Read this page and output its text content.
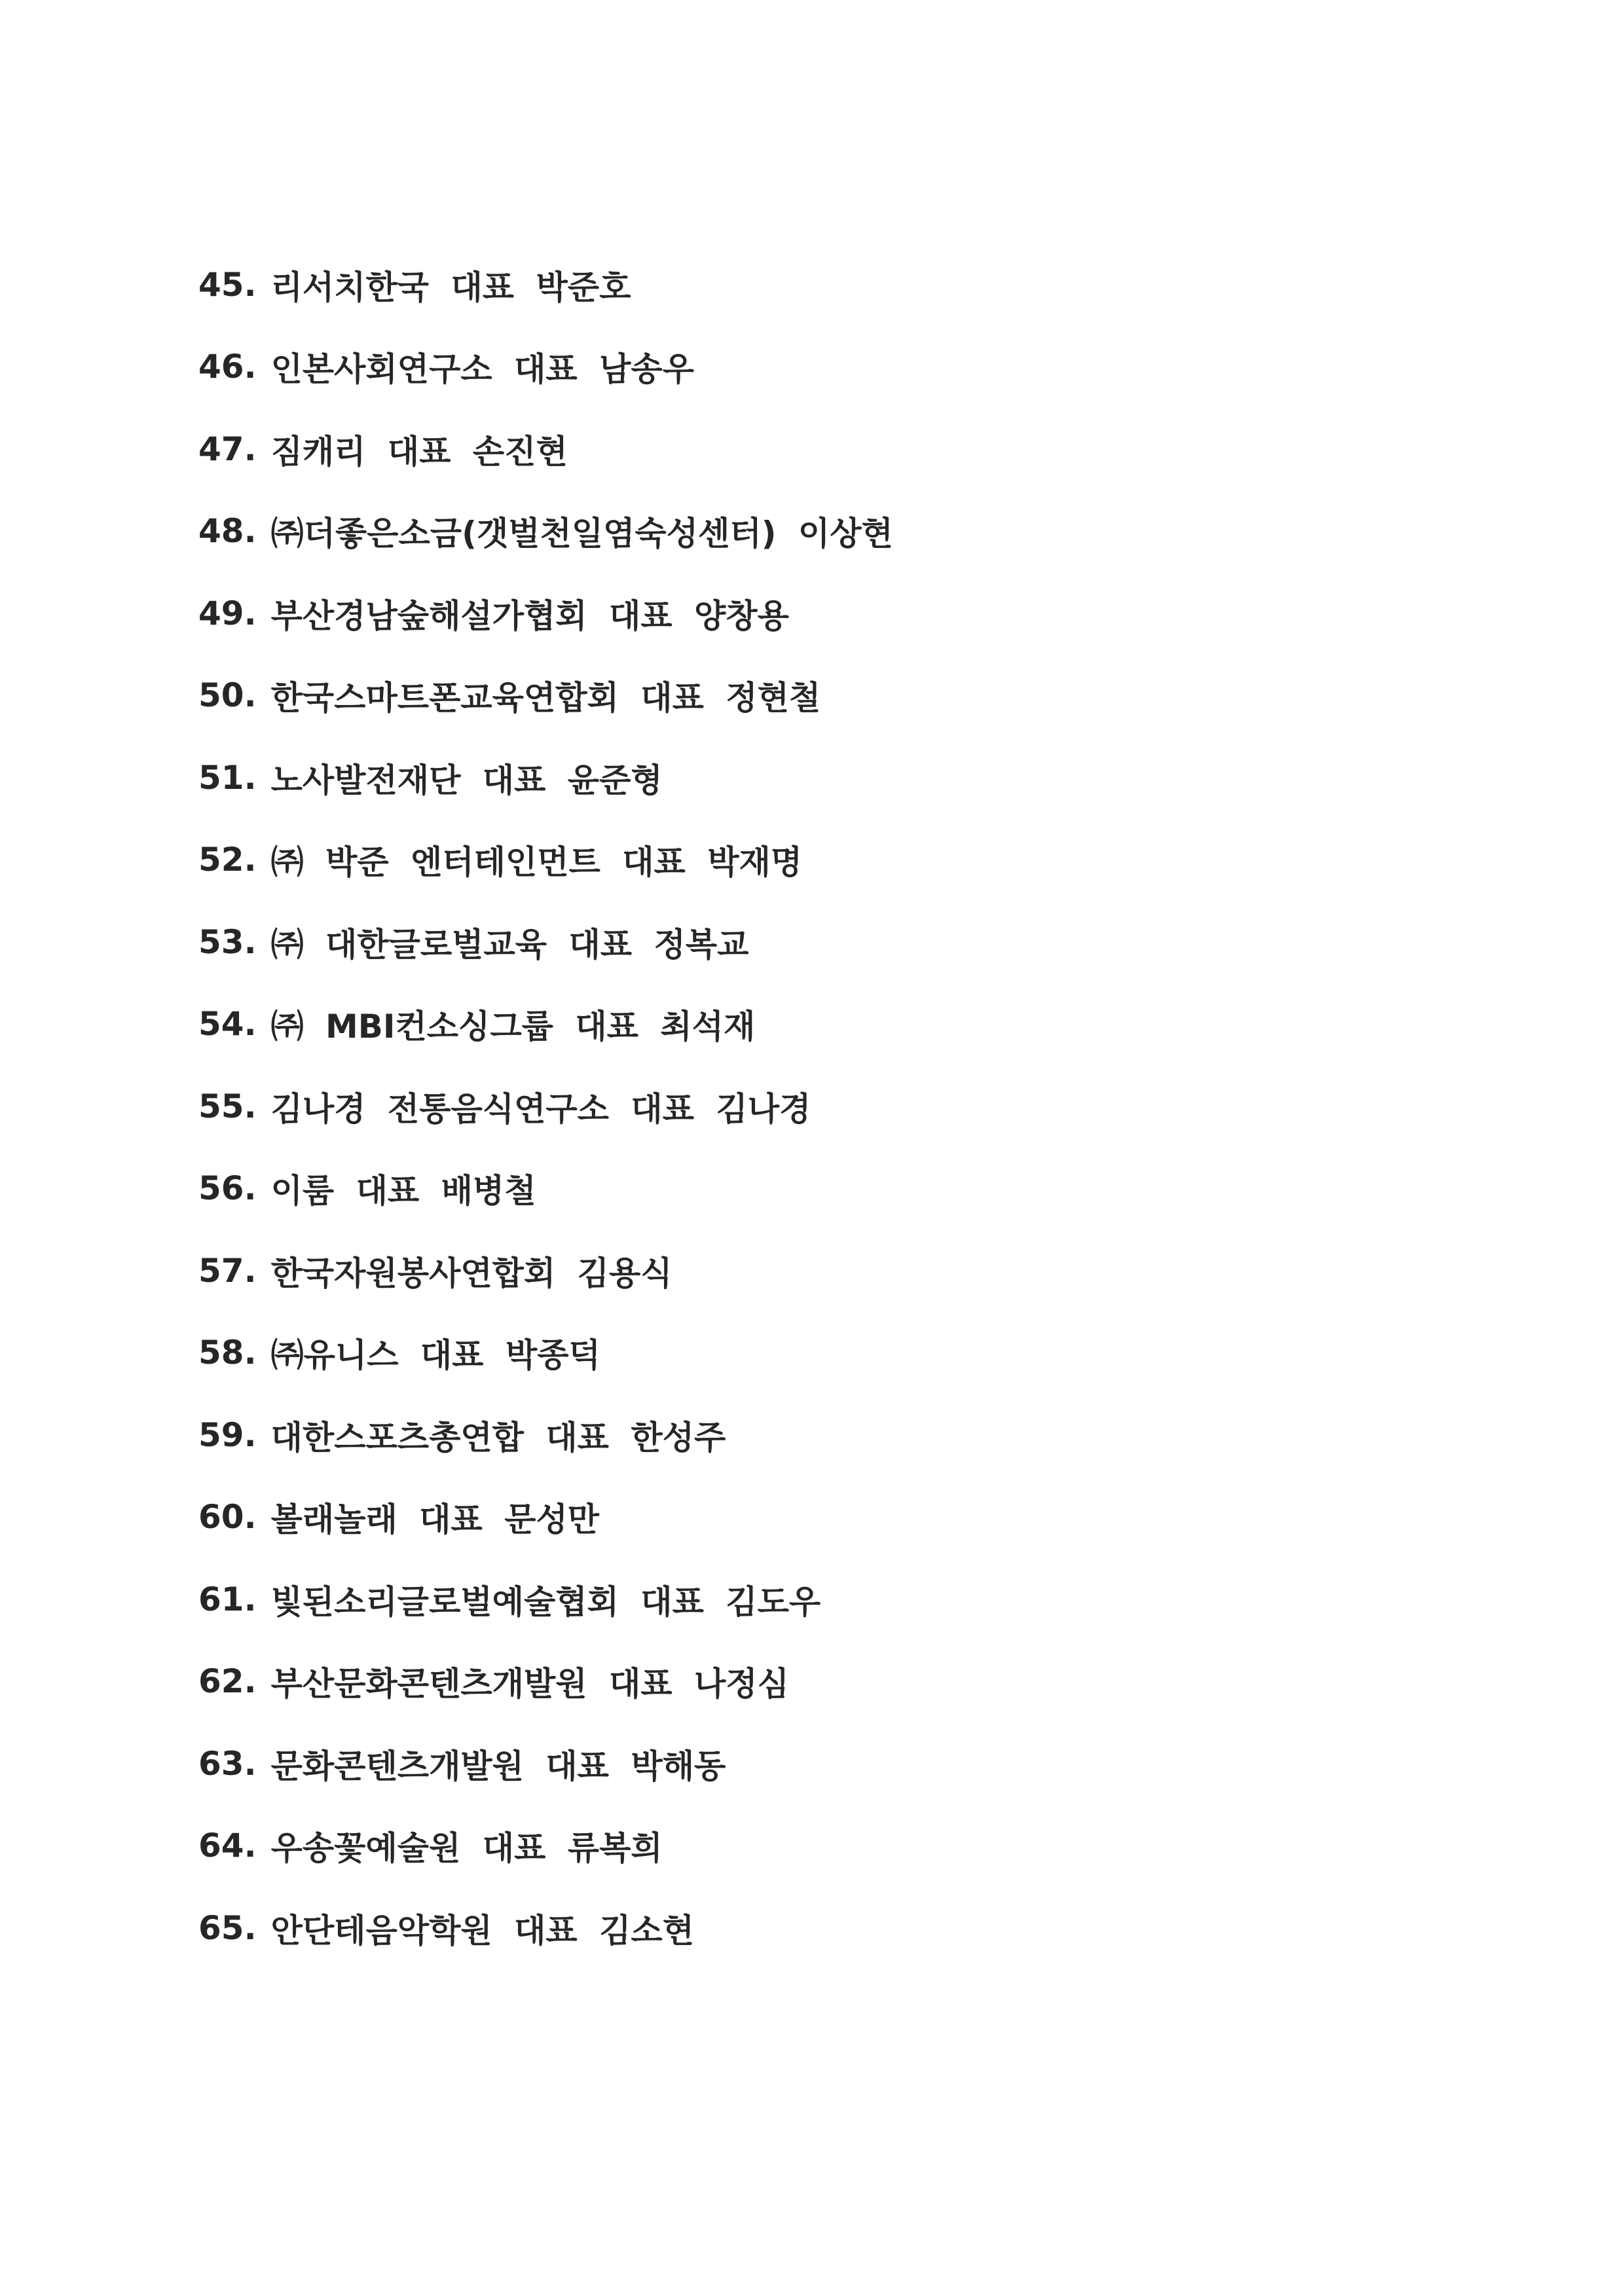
45. 리서치한국 대표 박준호
46. 인본사회연구소 대표 남송우
47. 짐캐리 대표 손진현
48. ㈜더좋은소금(갯벌천일염숙성센터) 이상현
49. 부산경남숲해설가협회 대표 양창용
50. 한국스마트폰교육연합회 대표 정현철
51. 노사발전재단 대표 윤준형
52. ㈜ 박준 엔터테인먼트 대표 박재명
53. ㈜ 대한글로벌교육 대표 정복교
54. ㈜ MBI컨소싱그룹 대표 최석재
55. 김나경 전통음식연구소 대표 김나경
56. 이룸 대표 배병철
57. 한국자원봉사연합회 김용식
58. ㈜유니스 대표 박종덕
59. 대한스포츠총연합 대표 한성주
60. 볼래놀래 대표 문성만
61. 빛된소리글로벌예술협회 대표 김도우
62. 부산문화콘텐츠개발원 대표 나정심
63. 문화콘텐츠개발원 대표 박해동
64. 우송꽃예술원 대표 류복희
65. 안단테음악학원 대표 김소현
